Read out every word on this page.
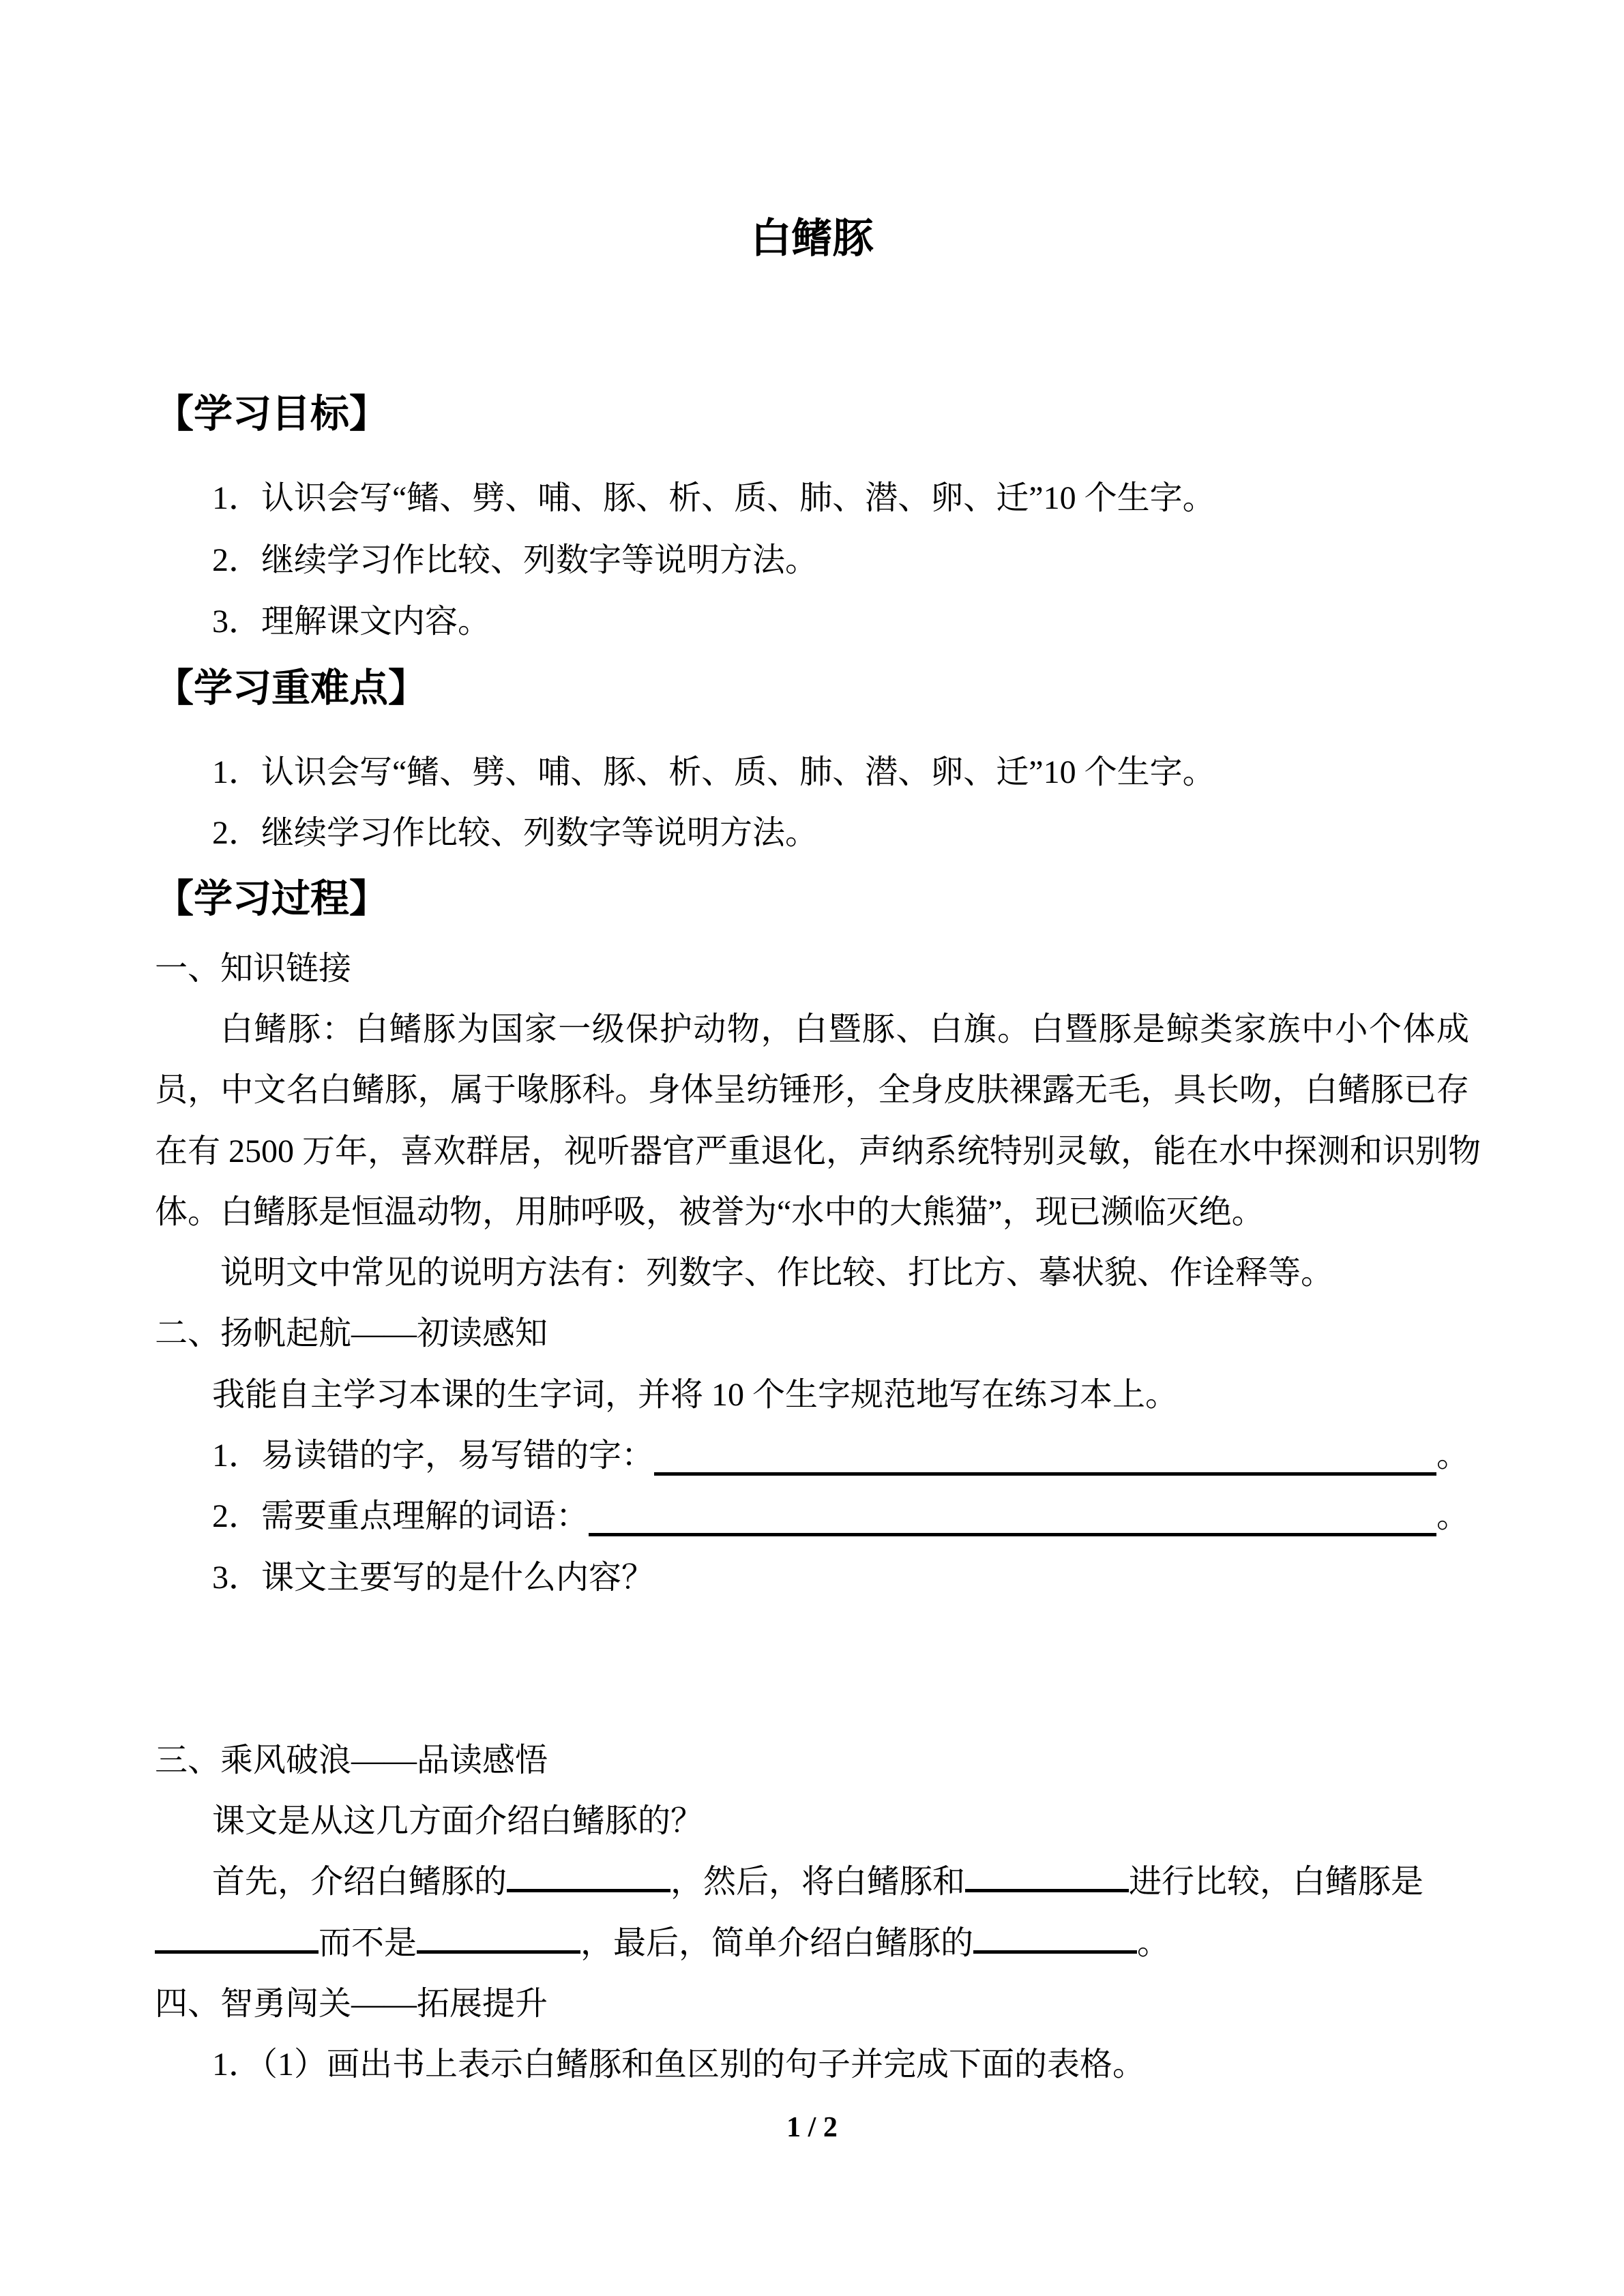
白鳍豚
【学习目标】
1．认识会写“鳍、劈、哺、豚、析、质、肺、潜、卵、迁”10 个生字。
2．继续学习作比较、列数字等说明方法。
3．理解课文内容。
【学习重难点】
1．认识会写“鳍、劈、哺、豚、析、质、肺、潜、卵、迁”10 个生字。
2．继续学习作比较、列数字等说明方法。
【学习过程】
一、知识链接
白鳍豚：白鳍豚为国家一级保护动物，白暨豚、白旗。白暨豚是鲸类家族中小个体成
员，中文名白鳍豚，属于喙豚科。身体呈纺锤形，全身皮肤裸露无毛，具长吻，白鳍豚已存
在有 2500 万年，喜欢群居，视听器官严重退化，声纳系统特别灵敏，能在水中探测和识别物
体。白鳍豚是恒温动物，用肺呼吸，被誉为“水中的大熊猫”，现已濒临灭绝。
说明文中常见的说明方法有：列数字、作比较、打比方、摹状貌、作诠释等。
二、扬帆起航——初读感知
我能自主学习本课的生字词，并将 10 个生字规范地写在练习本上。
1．易读错的字，易写错的字：	。
2．需要重点理解的词语：	。
3．课文主要写的是什么内容？
三、乘风破浪——品读感悟
课文是从这几方面介绍白鳍豚的？
首先，介绍白鳍豚的	，然后，将白鳍豚和	进行比较，白鳍豚是
而不是	，最后，简单介绍白鳍豚的	。
四、智勇闯关——拓展提升
1．（1）画出书上表示白鳍豚和鱼区别的句子并完成下面的表格。
1 / 2
